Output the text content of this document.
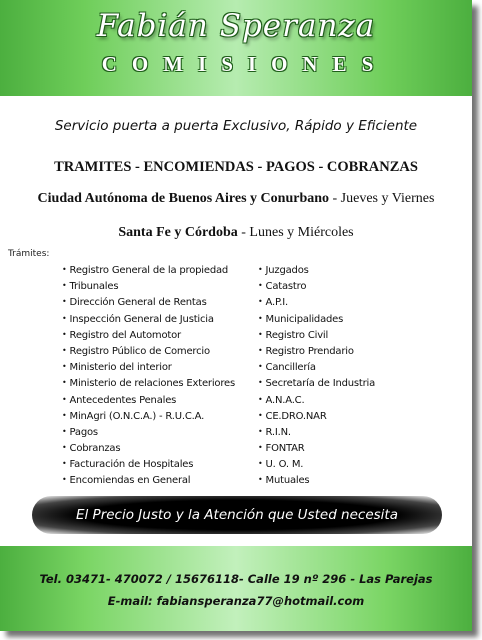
Fabián Speranza
COMISIONES
Servicio puerta a puerta Exclusivo, Rápido y Eficiente
TRAMITES - ENCOMIENDAS - PAGOS - COBRANZAS
Ciudad Autónoma de Buenos Aires y Conurbano - Jueves y Viernes
Santa Fe y Córdoba - Lunes y Miércoles
Trámites:
• Registro General de la propiedad
• Tribunales
• Dirección General de Rentas
• Inspección General de Justicia
• Registro del Automotor
• Registro Público de Comercio
• Ministerio del interior
• Ministerio de relaciones Exteriores
• Antecedentes Penales
• MinAgri (O.N.C.A.) - R.U.C.A.
• Pagos
• Cobranzas
• Facturación de Hospitales
• Encomiendas en General
• Juzgados
• Catastro
• A.P.I.
• Municipalidades
• Registro Civil
• Registro Prendario
• Cancillería
• Secretaría de Industria
• A.N.A.C.
• CE.DRO.NAR
• R.I.N.
• FONTAR
• U. O. M.
• Mutuales
El Precio Justo y la Atención que Usted necesita
Tel. 03471- 470072 / 15676118- Calle 19 nº 296 - Las Parejas
E-mail: fabiansperanza77@hotmail.com
